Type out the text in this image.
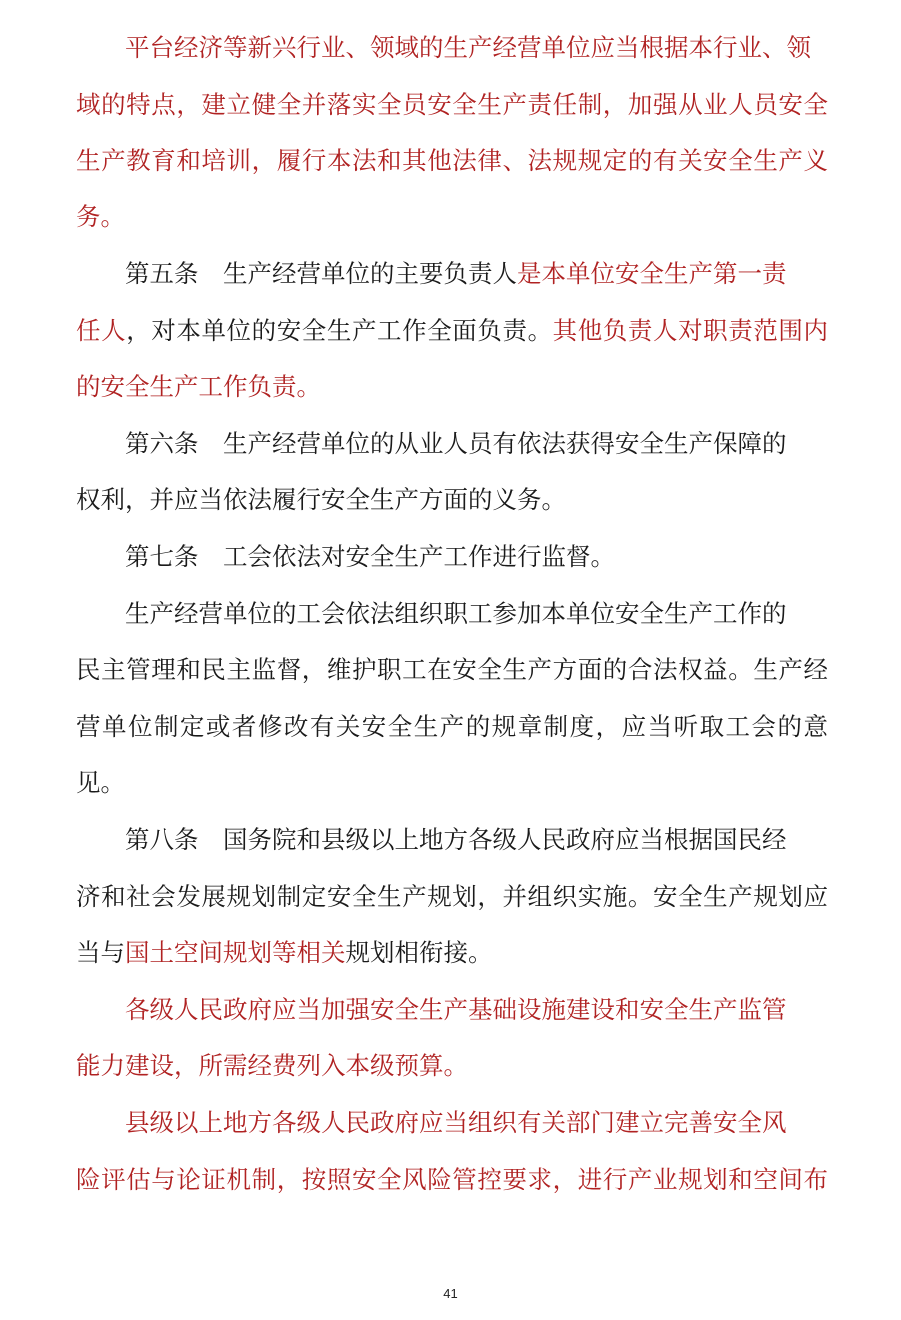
平台经济等新兴行业、领域的生产经营单位应当根据本行业、领
域的特点，建立健全并落实全员安全生产责任制，加强从业人员安全
生产教育和培训，履行本法和其他法律、法规规定的有关安全生产义
务。
第五条　生产经营单位的主要负责人是本单位安全生产第一责
任人，对本单位的安全生产工作全面负责。其他负责人对职责范围内
的安全生产工作负责。
第六条　生产经营单位的从业人员有依法获得安全生产保障的
权利，并应当依法履行安全生产方面的义务。
第七条　工会依法对安全生产工作进行监督。
生产经营单位的工会依法组织职工参加本单位安全生产工作的
民主管理和民主监督，维护职工在安全生产方面的合法权益。生产经
营单位制定或者修改有关安全生产的规章制度，应当听取工会的意
见。
第八条　国务院和县级以上地方各级人民政府应当根据国民经
济和社会发展规划制定安全生产规划，并组织实施。安全生产规划应
当与国土空间规划等相关规划相衔接。
各级人民政府应当加强安全生产基础设施建设和安全生产监管
能力建设，所需经费列入本级预算。
县级以上地方各级人民政府应当组织有关部门建立完善安全风
险评估与论证机制，按照安全风险管控要求，进行产业规划和空间布
41
